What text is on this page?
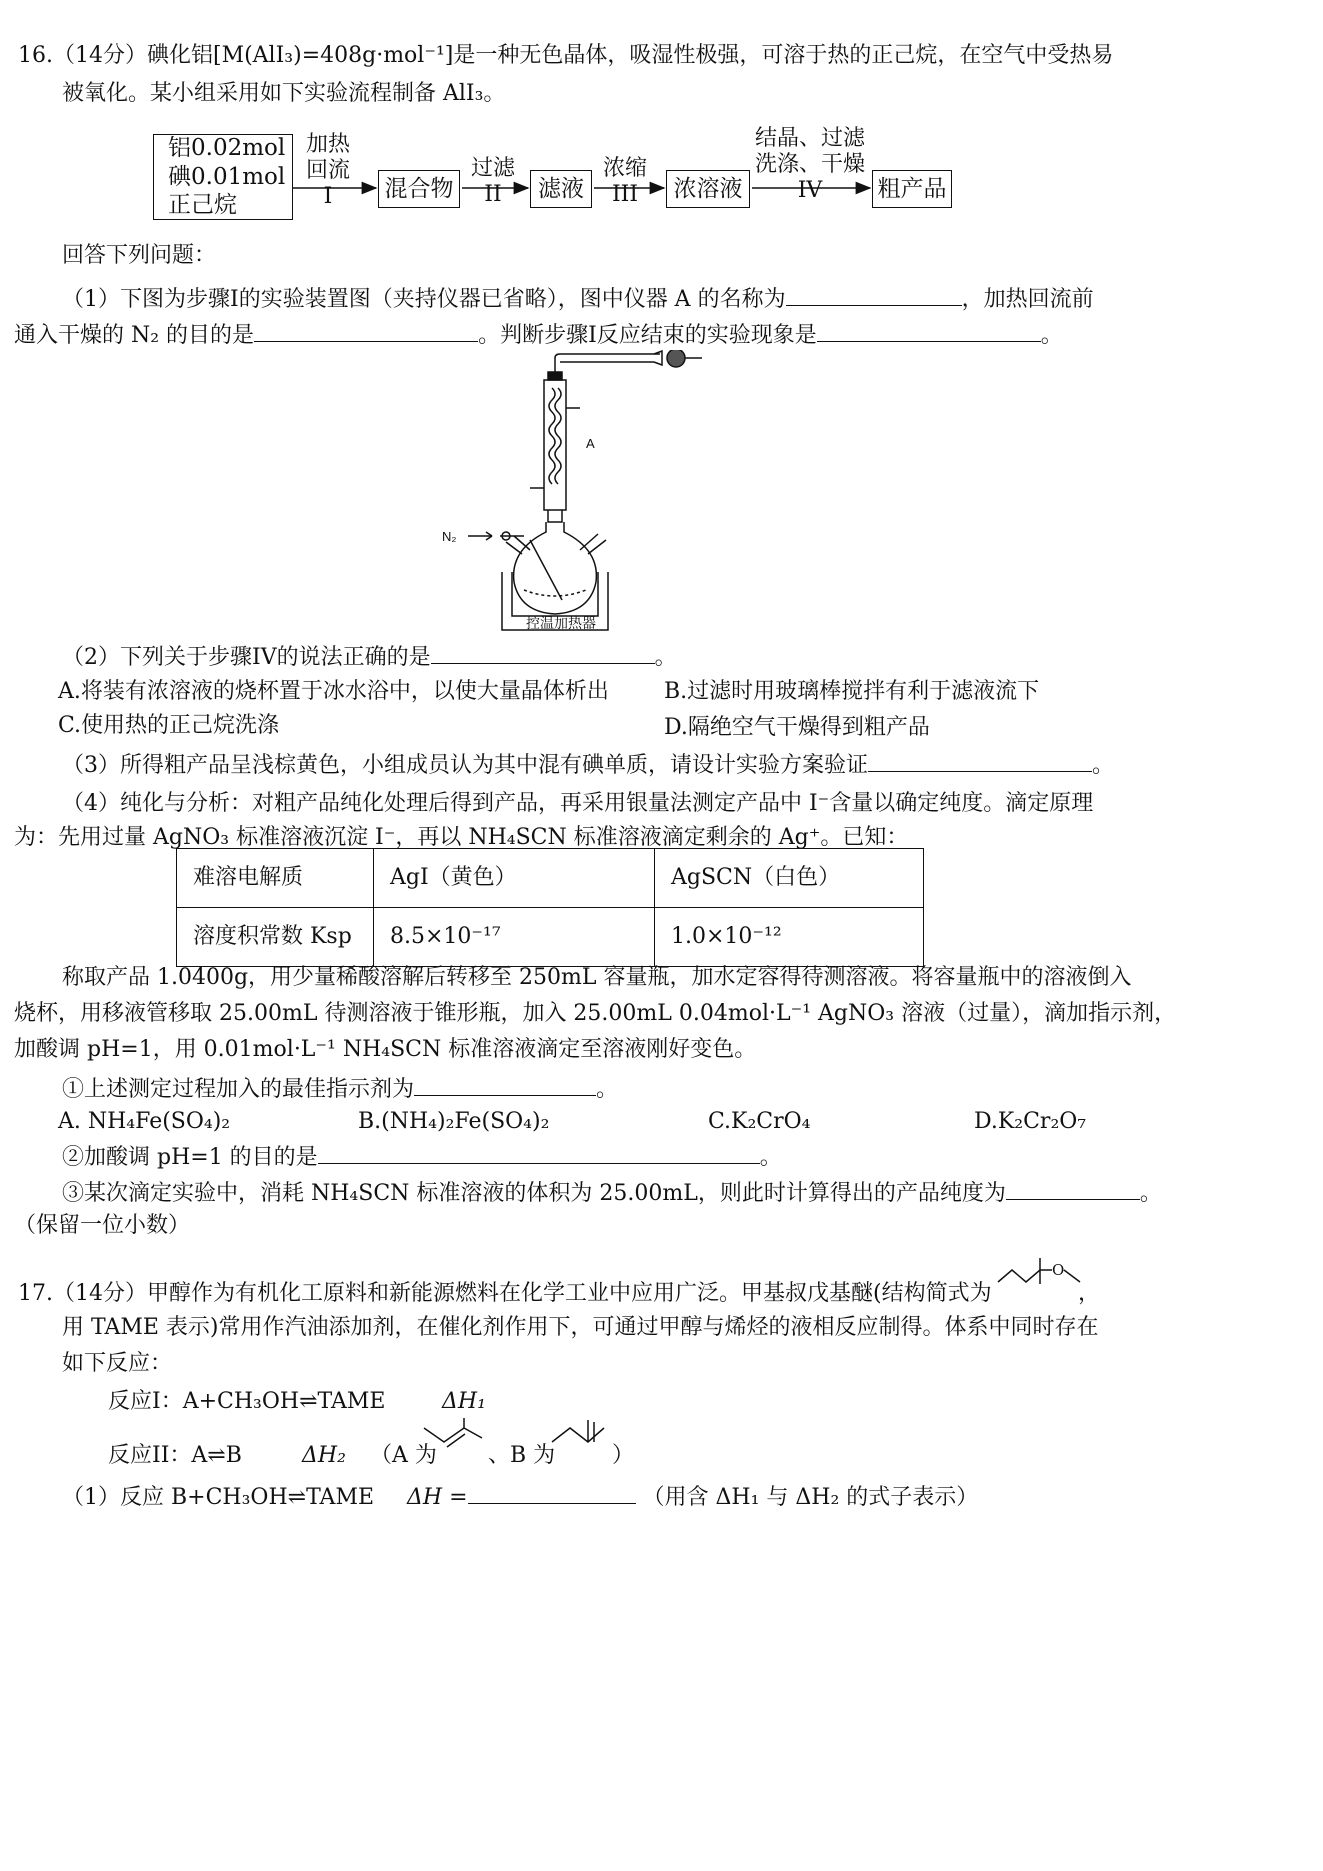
16.（14分）碘化铝[M(AlI₃)=408g·mol⁻¹]是一种无色晶体，吸湿性极强，可溶于热的正己烷，在空气中受热易
被氧化。某小组采用如下实验流程制备 AlI₃。
铝0.02mol
碘0.01mol
正己烷
加热
回流
I	混合物
过滤
II	滤液
浓缩
III	浓溶液
结晶、过滤
洗涤、干燥
IV	粗产品
回答下列问题：
（1）下图为步骤I的实验装置图（夹持仪器已省略），图中仪器 A 的名称为	，加热回流前
通入干燥的 N₂ 的目的是	。判断步骤I反应结束的实验现象是	。
A
N₂
控温加热器
（2）下列关于步骤IV的说法正确的是	。
A.将装有浓溶液的烧杯置于冰水浴中，以使大量晶体析出	B.过滤时用玻璃棒搅拌有利于滤液流下
C.使用热的正己烷洗涤	D.隔绝空气干燥得到粗产品
（3）所得粗产品呈浅棕黄色，小组成员认为其中混有碘单质，请设计实验方案验证	。
（4）纯化与分析：对粗产品纯化处理后得到产品，再采用银量法测定产品中 I⁻含量以确定纯度。滴定原理
为：先用过量 AgNO₃ 标准溶液沉淀 I⁻，再以 NH₄SCN 标准溶液滴定剩余的 Ag⁺。已知：
难溶电解质	AgI（黄色）	AgSCN（白色）
溶度积常数 Ksp	8.5×10⁻¹⁷	1.0×10⁻¹²
称取产品 1.0400g，用少量稀酸溶解后转移至 250mL 容量瓶，加水定容得待测溶液。将容量瓶中的溶液倒入
烧杯，用移液管移取 25.00mL 待测溶液于锥形瓶，加入 25.00mL 0.04mol·L⁻¹ AgNO₃ 溶液（过量），滴加指示剂，
加酸调 pH=1，用 0.01mol·L⁻¹ NH₄SCN 标准溶液滴定至溶液刚好变色。
①上述测定过程加入的最佳指示剂为	。
A. NH₄Fe(SO₄)₂	B.(NH₄)₂Fe(SO₄)₂	C.K₂CrO₄	D.K₂Cr₂O₇
②加酸调 pH=1 的目的是	。
③某次滴定实验中，消耗 NH₄SCN 标准溶液的体积为 25.00mL，则此时计算得出的产品纯度为	。
（保留一位小数）
17.（14分）甲醇作为有机化工原料和新能源燃料在化学工业中应用广泛。甲基叔戊基醚(结构简式为
O
，
用 TAME 表示)常用作汽油添加剂，在催化剂作用下，可通过甲醇与烯烃的液相反应制得。体系中同时存在
如下反应：
反应I：A+CH₃OH⇌TAME	ΔH₁
反应II：A⇌B	ΔH₂ （A 为 、B 为	）
（1）反应 B+CH₃OH⇌TAME ΔH =	（用含 ΔH₁ 与 ΔH₂ 的式子表示）
